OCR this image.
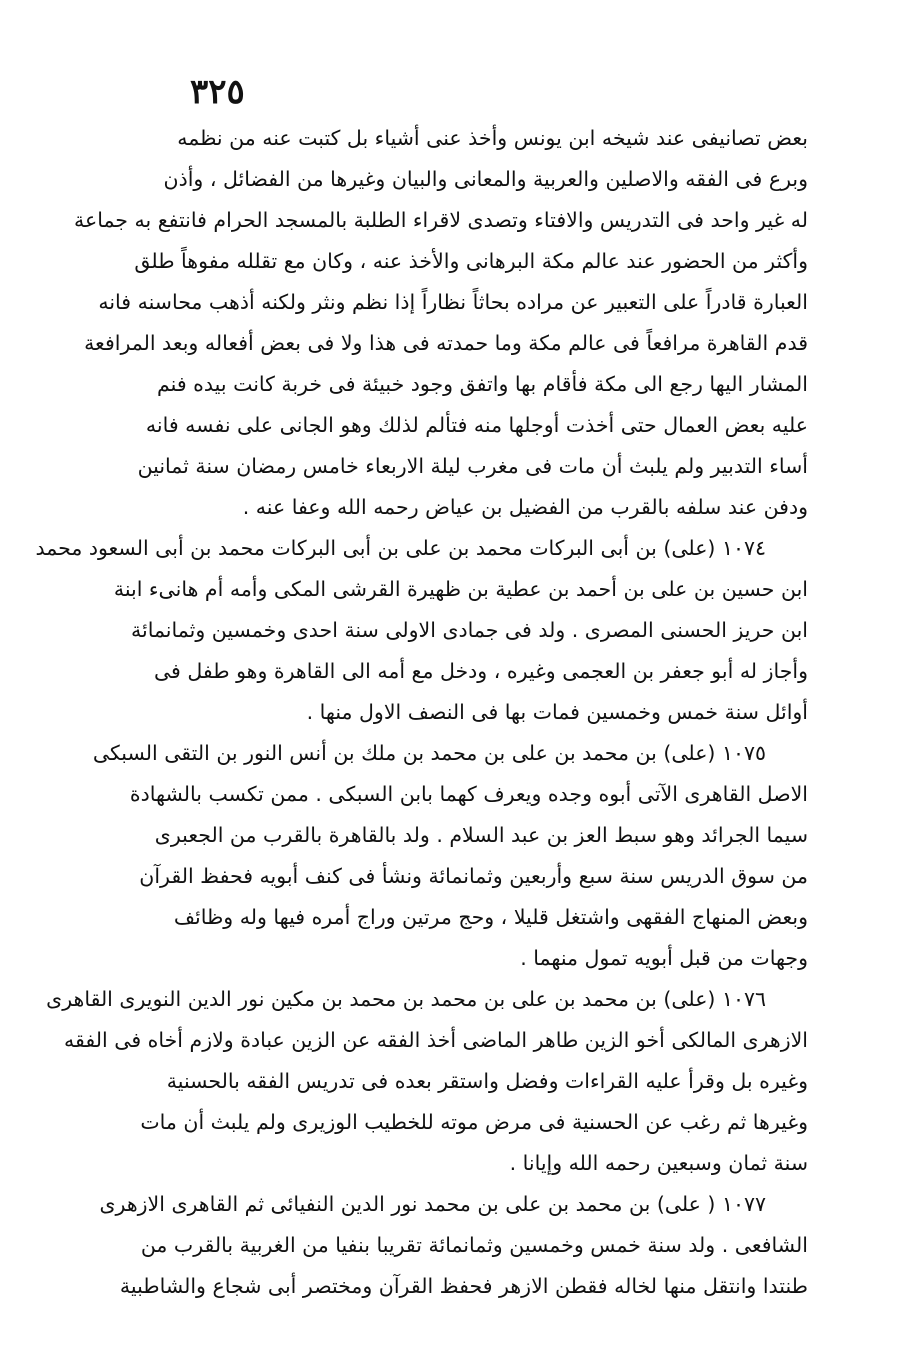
٣٢٥
بعض تصانيفى عند شيخه ابن يونس وأخذ عنى أشياء بل كتبت عنه من نظمه
وبرع فى الفقه والاصلين والعربية والمعانى والبيان وغيرها من الفضائل ، وأذن
له غير واحد فى التدريس والافتاء وتصدى لاقراء الطلبة بالمسجد الحرام فانتفع به جماعة
وأكثر من الحضور عند عالم مكة البرهانى والأخذ عنه ، وكان مع تقلله مفوهاً طلق
العبارة قادراً على التعبير عن مراده بحاثاً نظاراً إذا نظم ونثر ولكنه أذهب محاسنه فانه
قدم القاهرة مرافعاً فى عالم مكة وما حمدته فى هذا ولا فى بعض أفعاله وبعد المرافعة
المشار اليها رجع الى مكة فأقام بها واتفق وجود خبيئة فى خربة كانت بيده فنم
عليه بعض العمال حتى أخذت أوجلها منه فتألم لذلك وهو الجانى على نفسه فانه
أساء التدبير ولم يلبث أن مات فى مغرب ليلة الاربعاء خامس رمضان سنة ثمانين
ودفن عند سلفه بالقرب من الفضيل بن عياض رحمه الله وعفا عنه .
١٠٧٤ (على) بن أبى البركات محمد بن على بن أبى البركات محمد بن أبى السعود محمد
ابن حسين بن على بن أحمد بن عطية بن ظهيرة القرشى المكى وأمه أم هانىء ابنة
ابن حريز الحسنى المصرى . ولد فى جمادى الاولى سنة احدى وخمسين وثمانمائة
وأجاز له أبو جعفر بن العجمى وغيره ، ودخل مع أمه الى القاهرة وهو طفل فى
أوائل سنة خمس وخمسين فمات بها فى النصف الاول منها .
١٠٧٥ (على) بن محمد بن على بن محمد بن ملك بن أنس النور بن التقى السبكى
الاصل القاهرى الآتى أبوه وجده ويعرف كهما بابن السبكى . ممن تكسب بالشهادة
سيما الجرائد وهو سبط العز بن عبد السلام . ولد بالقاهرة بالقرب من الجعبرى
من سوق الدريس سنة سبع وأربعين وثمانمائة ونشأ فى كنف أبويه فحفظ القرآن
وبعض المنهاج الفقهى واشتغل قليلا ، وحج مرتين وراج أمره فيها وله وظائف
وجهات من قبل أبويه تمول منهما .
١٠٧٦ (على) بن محمد بن على بن محمد بن محمد بن مكين نور الدين النويرى القاهرى
الازهرى المالكى أخو الزين طاهر الماضى أخذ الفقه عن الزين عبادة ولازم أخاه فى الفقه
وغيره بل وقرأ عليه القراءات وفضل واستقر بعده فى تدريس الفقه بالحسنية
وغيرها ثم رغب عن الحسنية فى مرض موته للخطيب الوزيرى ولم يلبث أن مات
سنة ثمان وسبعين رحمه الله وإيانا .
١٠٧٧ ( على) بن محمد بن على بن محمد نور الدين النفيائى ثم القاهرى الازهرى
الشافعى . ولد سنة خمس وخمسين وثمانمائة تقريبا بنفيا من الغربية بالقرب من
طنتدا وانتقل منها لخاله فقطن الازهر فحفظ القرآن ومختصر أبى شجاع والشاطبية
